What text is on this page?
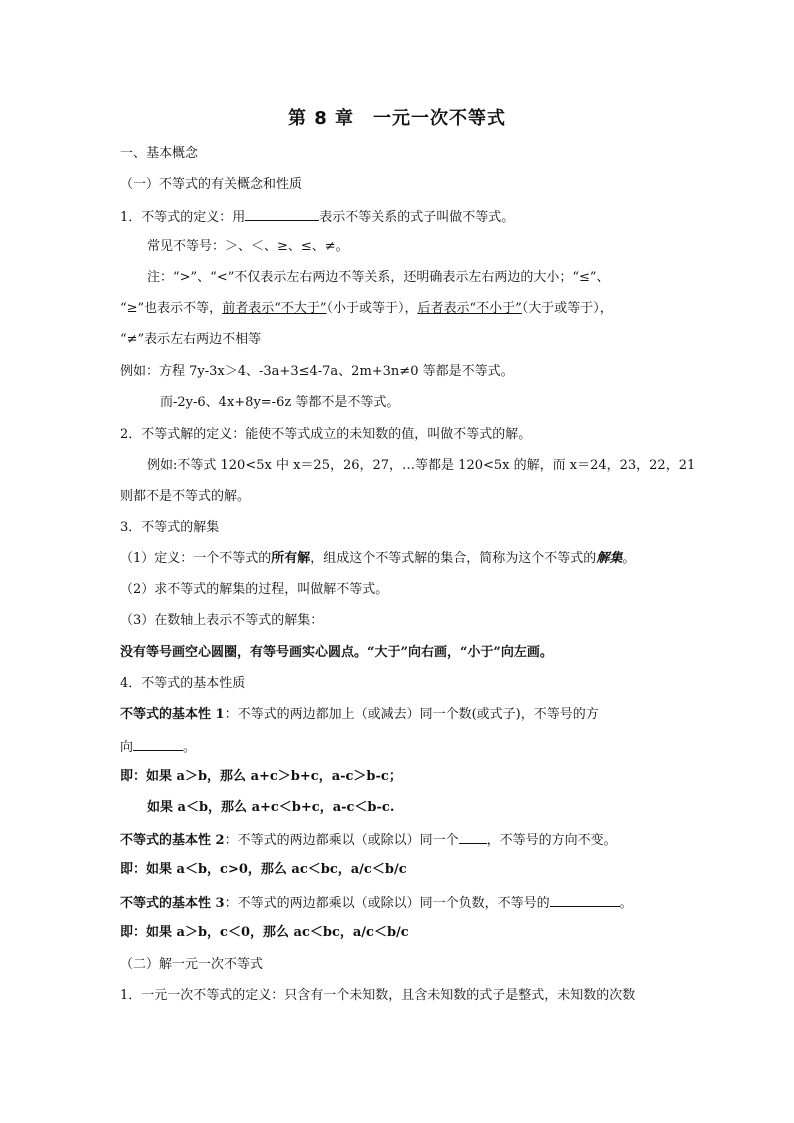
第 8 章　一元一次不等式
一、基本概念
（一）不等式的有关概念和性质
1．不等式的定义：用	表示不等关系的式子叫做不等式。
常见不等号：＞、＜、≥、≤、≠。
注：“>”、“<”不仅表示左右两边不等关系，还明确表示左右两边的大小；“≤”、
“≥”也表示不等，前者表示“不大于”（小于或等于），后者表示“不小于”（大于或等于），
“≠”表示左右两边不相等
例如：方程 7y-3x＞4、-3a+3≤4-7a、2m+3n≠0 等都是不等式。
而-2y-6、4x+8y=-6z 等都不是不等式。
2．不等式解的定义：能使不等式成立的未知数的值，叫做不等式的解。
例如:不等式 120<5x 中 x＝25，26，27，…等都是 120<5x 的解，而 x＝24，23，22，21
则都不是不等式的解。
3．不等式的解集
（1）定义：一个不等式的所有解，组成这个不等式解的集合，简称为这个不等式的解集。
（2）求不等式的解集的过程，叫做解不等式。
（3）在数轴上表示不等式的解集：
没有等号画空心圆圈，有等号画实心圆点。“大于”向右画，“小于”向左画。
4．不等式的基本性质
不等式的基本性 1：不等式的两边都加上（或减去）同一个数(或式子)，不等号的方
向	。
即：如果 a＞b，那么 a+c＞b+c，a-c＞b-c；
如果 a＜b，那么 a+c＜b+c，a-c＜b-c.
不等式的基本性 2：不等式的两边都乘以（或除以）同一个 ，不等号的方向不变。
即：如果 a＜b，c>0，那么 ac＜bc，a/c＜b/c
不等式的基本性 3：不等式的两边都乘以（或除以）同一个负数，不等号的	。
即：如果 a＞b，c＜0，那么 ac＜bc，a/c＜b/c
（二）解一元一次不等式
1．一元一次不等式的定义：只含有一个未知数，且含未知数的式子是整式，未知数的次数
